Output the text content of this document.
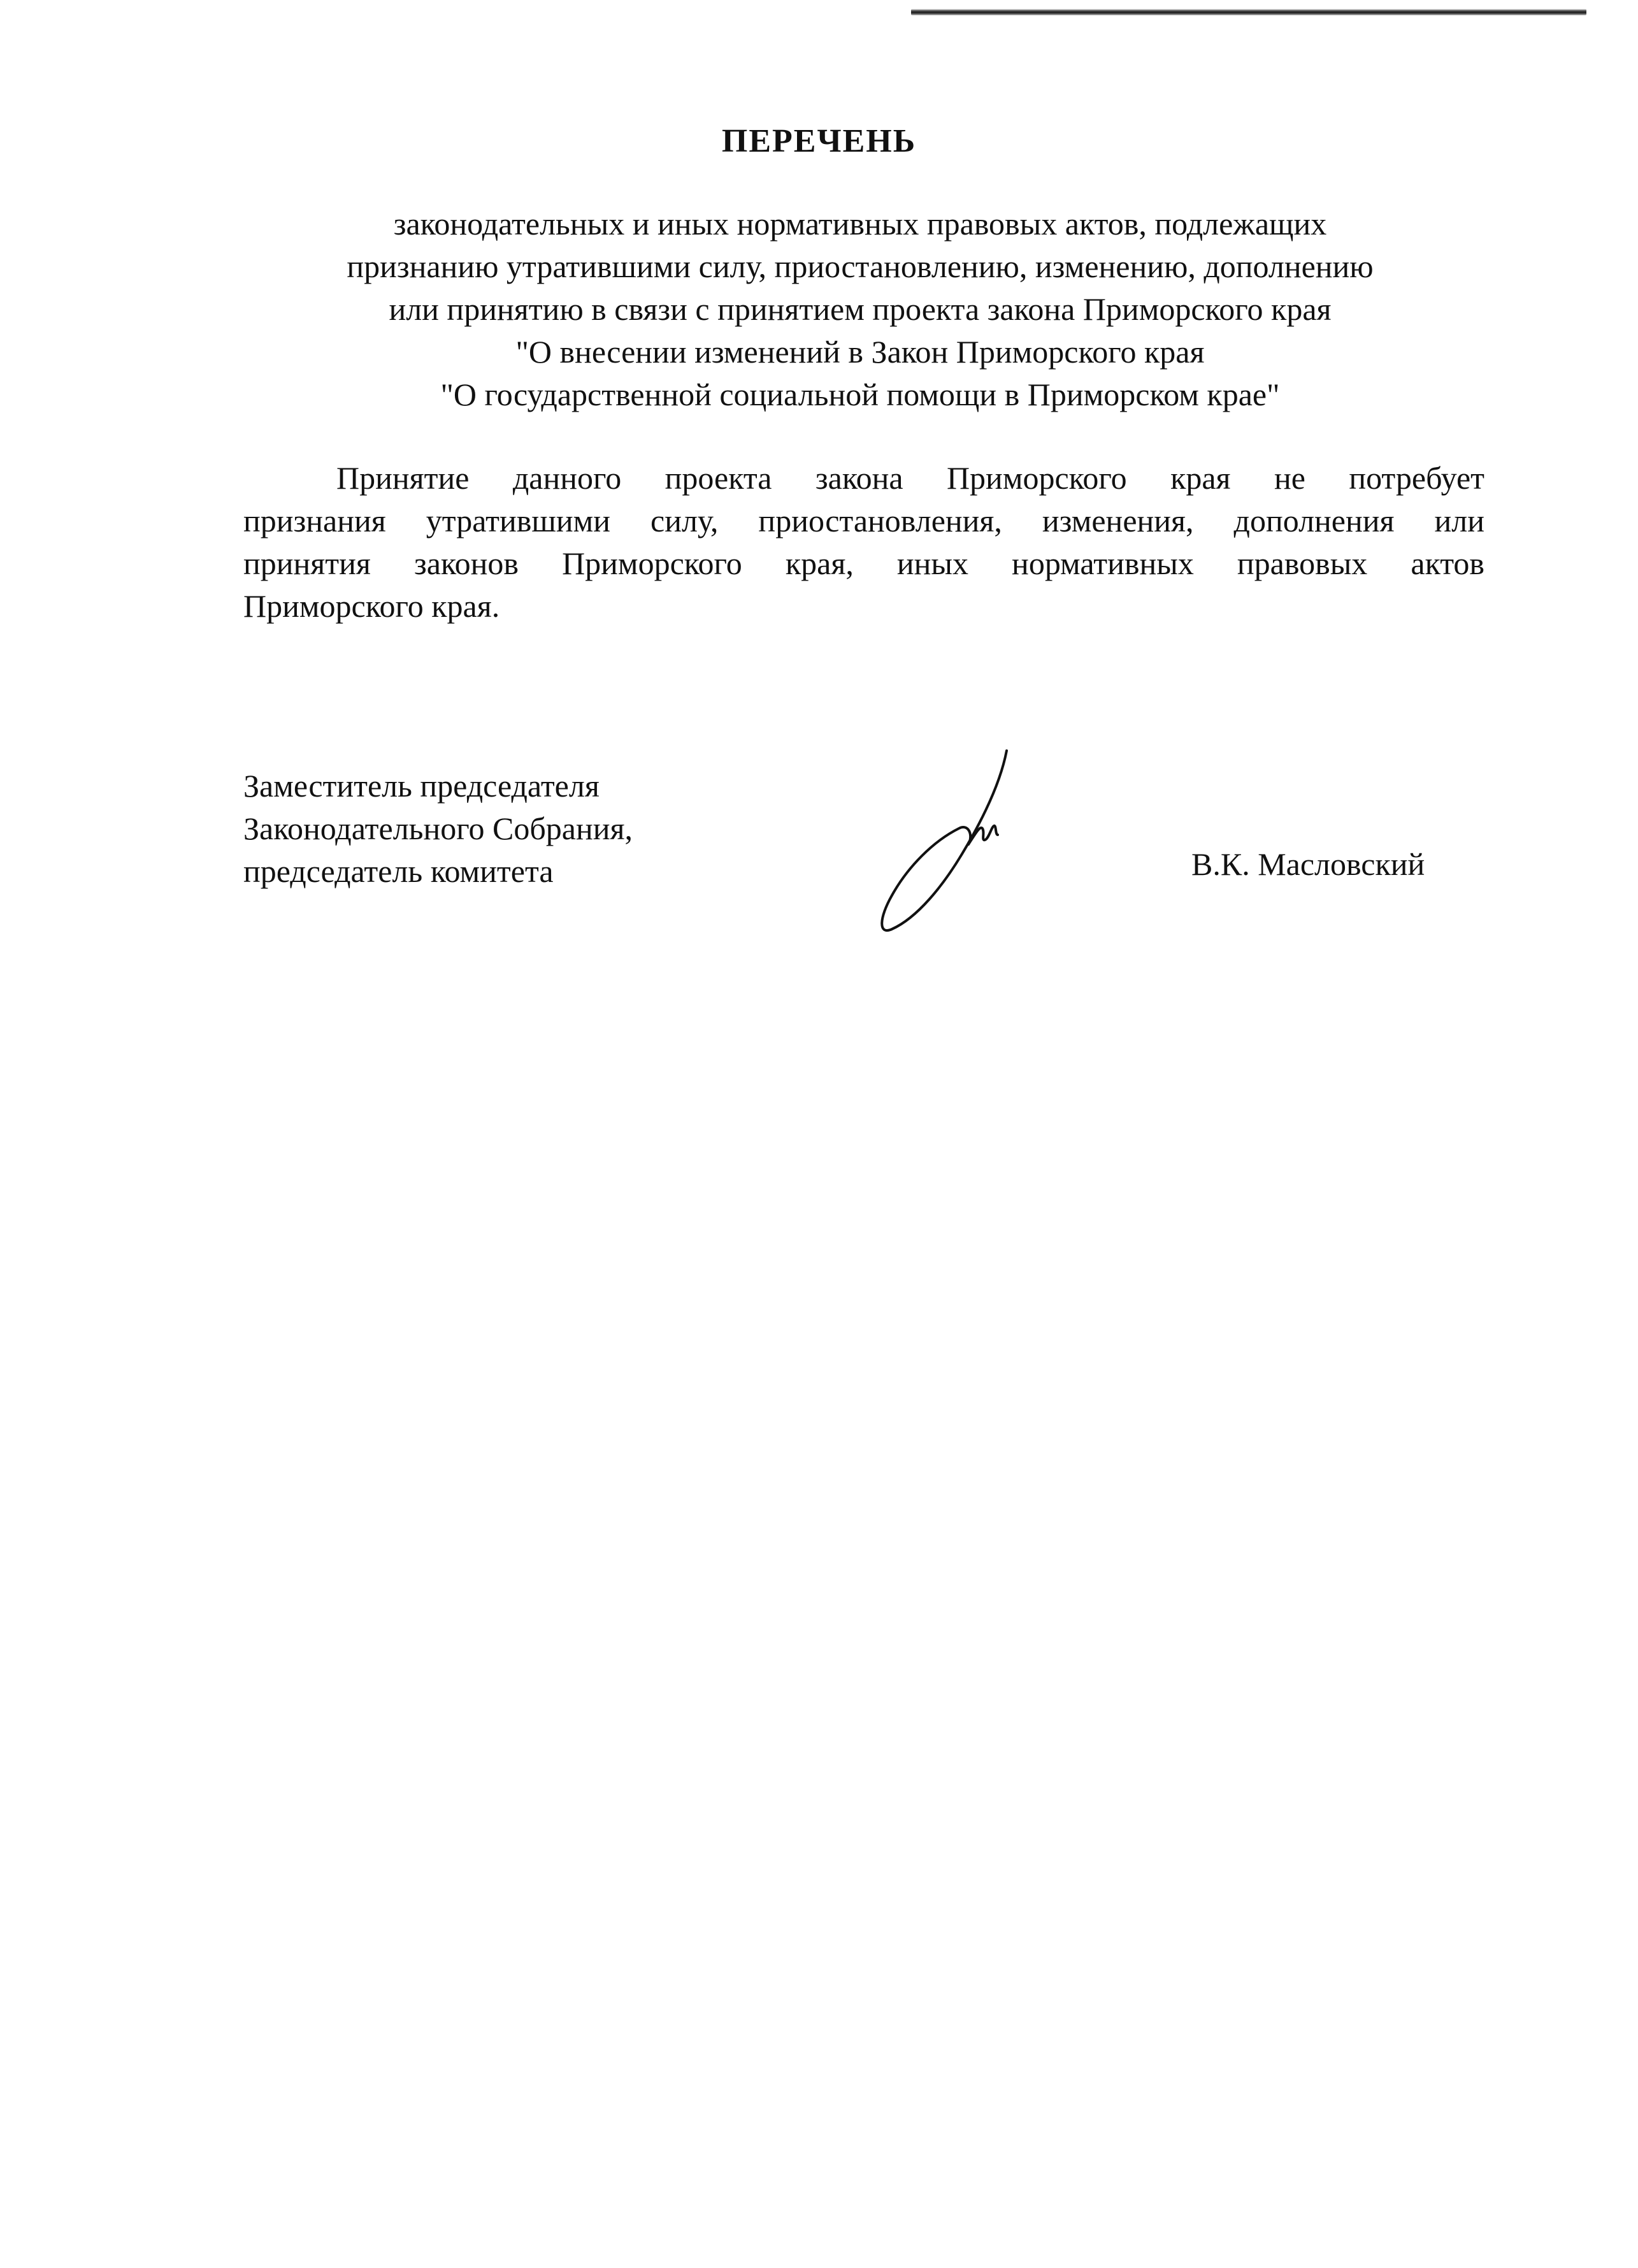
ПЕРЕЧЕНЬ
законодательных и иных нормативных правовых актов, подлежащих
признанию утратившими силу, приостановлению, изменению, дополнению
или принятию в связи с принятием проекта закона Приморского края
"О внесении изменений в Закон Приморского края
"О государственной социальной помощи в Приморском крае"
Принятие данного проекта закона Приморского края не потребует
признания утратившими силу, приостановления, изменения, дополнения или
принятия законов Приморского края, иных нормативных правовых актов
Приморского края.
Заместитель председателя
Законодательного Собрания,
председатель комитета	В.К. Масловский
